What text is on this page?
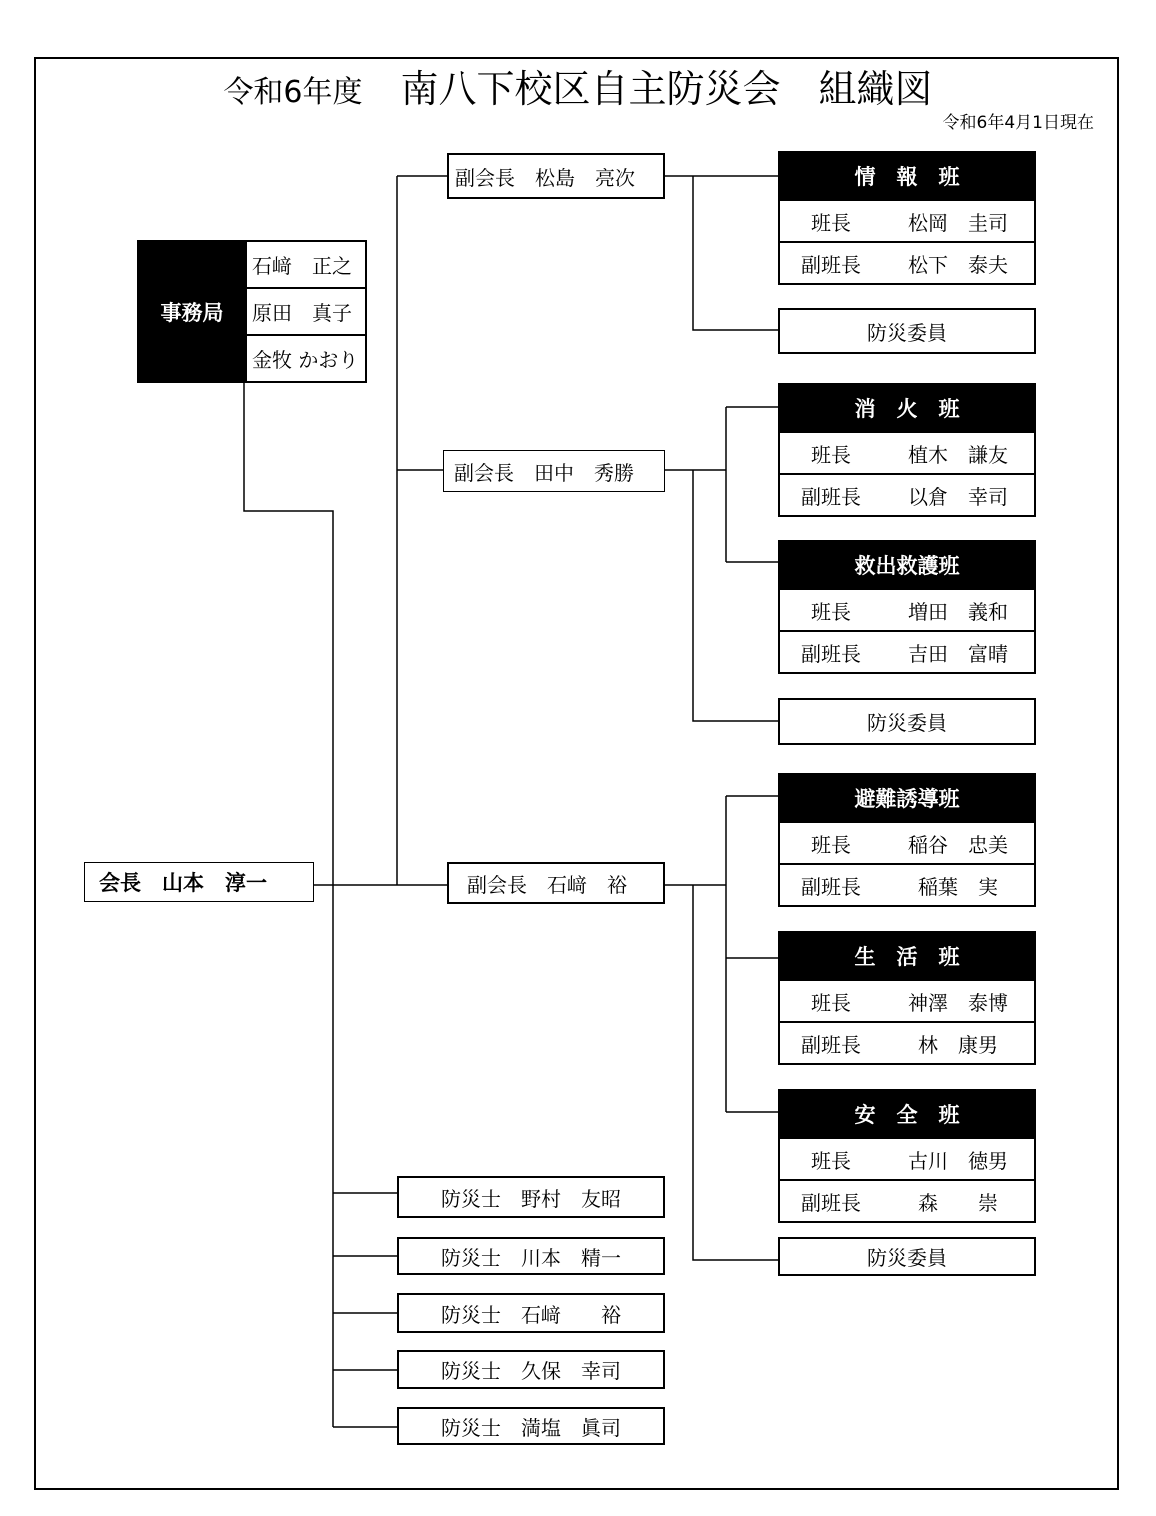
令和6年度　 南八下校区自主防災会　組織図
令和6年4月1日現在
事務局
石﨑　正之
原田　真子
金牧 かおり
会長　山本　淳一
副会長　松島　亮次
副会長　田中　秀勝
副会長　石﨑　裕
情　報　班
班長	松岡　圭司
副班長	松下　泰夫
消　火　班
班長	植木　謙友
副班長	以倉　幸司
救出救護班
班長	増田　義和
副班長	吉田　富晴
避難誘導班
班長	稲谷　忠美
副班長	稲葉　実
生　活　班
班長	神澤　泰博
副班長	林　康男
安　全　班
班長	古川　徳男
副班長	森　　崇
防災委員
防災委員
防災委員
防災士　野村　友昭
防災士　川本　精一
防災士　石﨑　　裕
防災士　久保　幸司
防災士　満塩　眞司
